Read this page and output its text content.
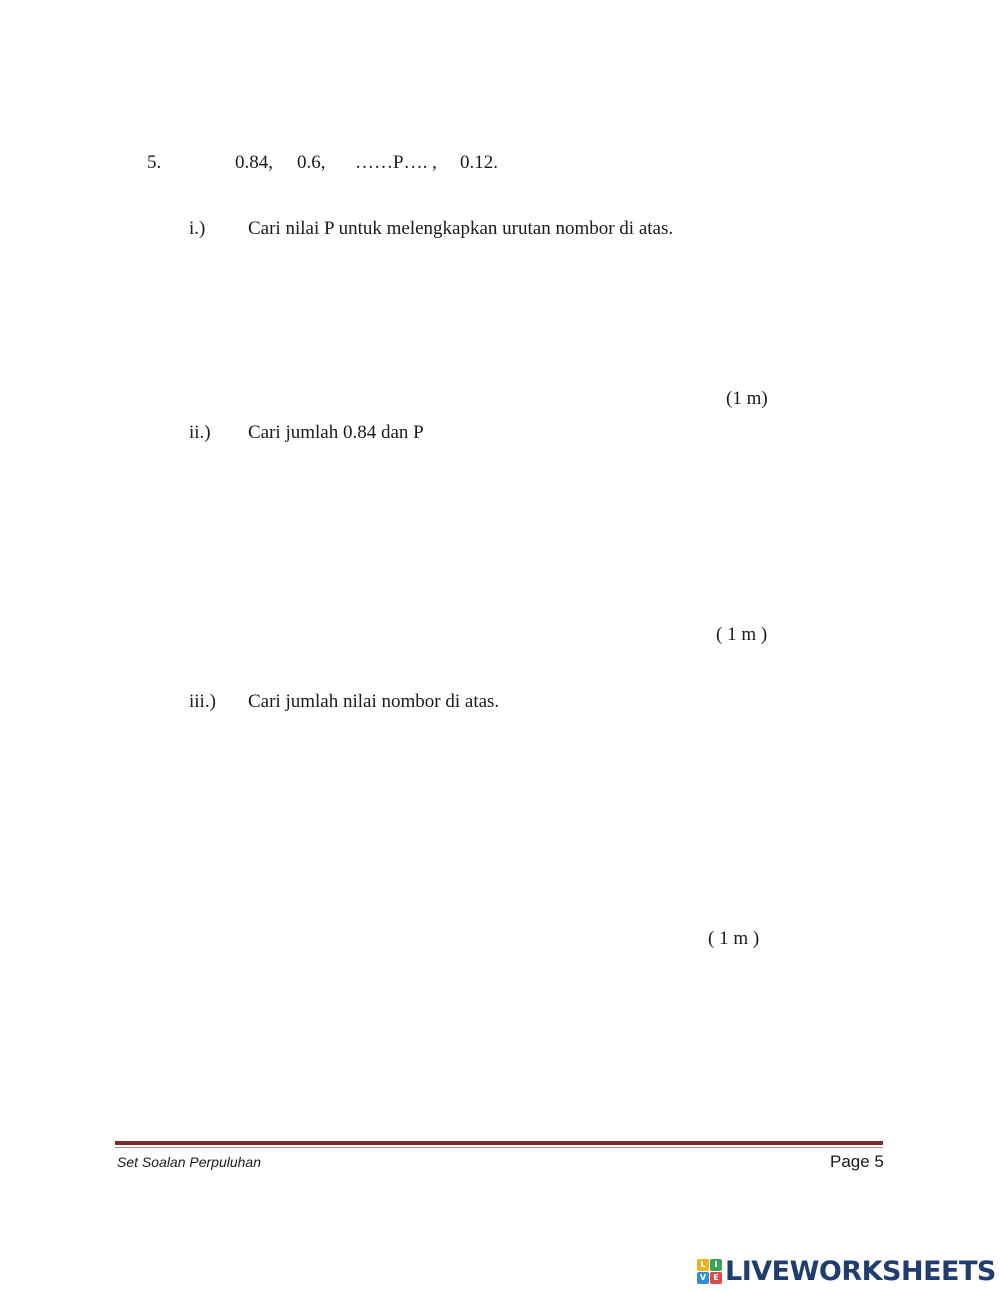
5.	0.84, 0.6, ……P…. , 0.12.
i.) Cari nilai P untuk melengkapkan urutan nombor di atas.
(1 m)
ii.) Cari jumlah 0.84 dan P
( 1 m )
iii.) Cari jumlah nilai nombor di atas.
( 1 m )
Set Soalan Perpuluhan	Page 5
L	I
V E LIVEWORKSHEETS
